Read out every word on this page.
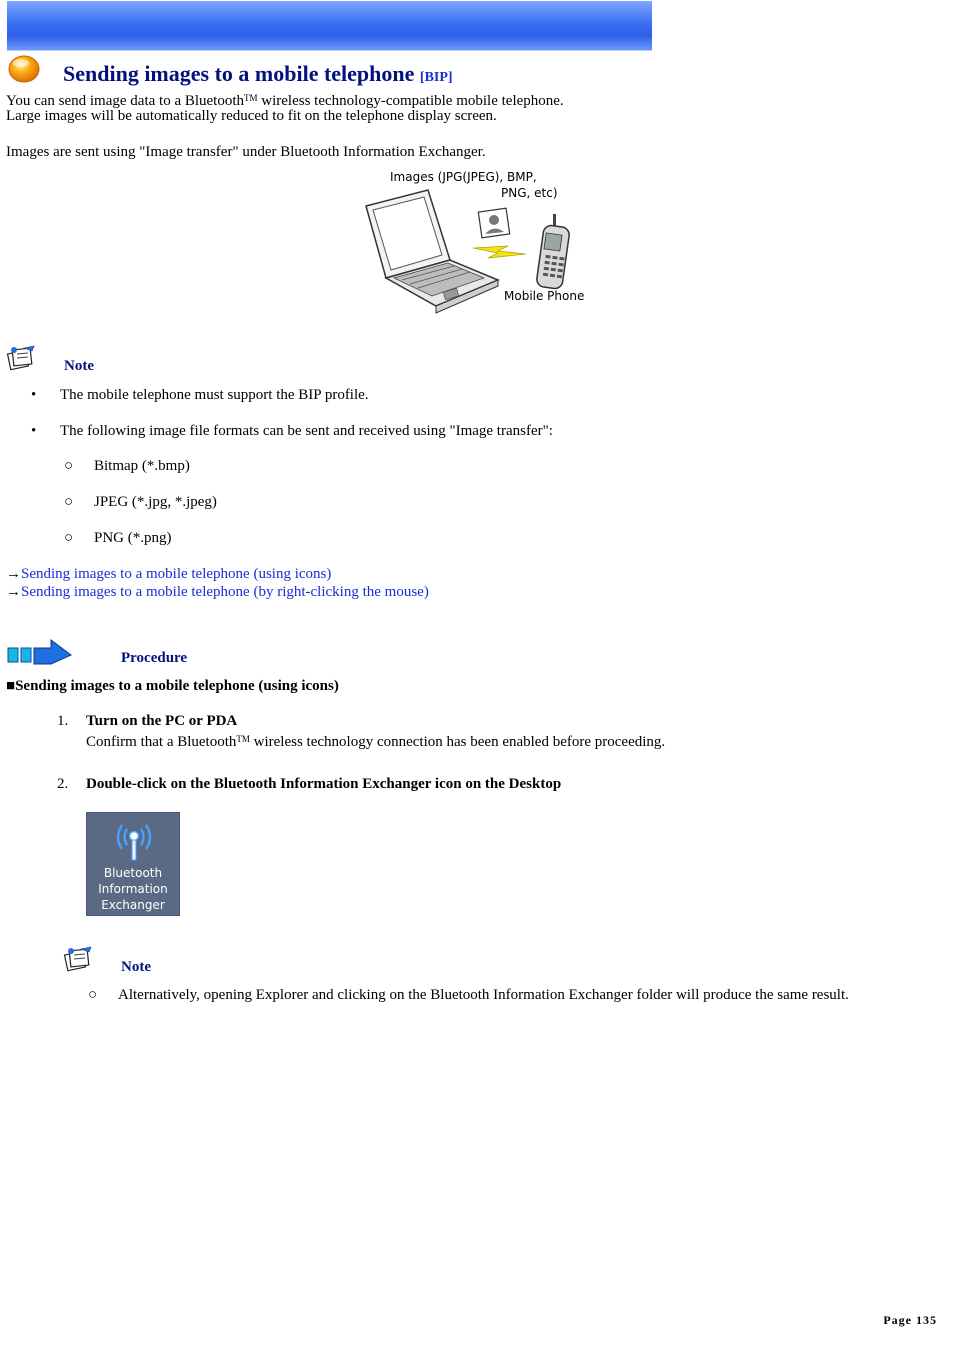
Sending images to a mobile telephone [BIP]
You can send image data to a Bluetooth™ wireless technology-compatible mobile telephone.
Large images will be automatically reduced to fit on the telephone display screen.
Images are sent using "Image transfer" under Bluetooth Information Exchanger.
Images (JPG(JPEG), BMP,
PNG, etc)
Mobile Phone
Note
• The mobile telephone must support the BIP profile.
• The following image file formats can be sent and received using "Image transfer":
○ Bitmap (*.bmp)
○ JPEG (*.jpg, *.jpeg)
○ PNG (*.png)
→Sending images to a mobile telephone (using icons)
→Sending images to a mobile telephone (by right-clicking the mouse)
Procedure
■Sending images to a mobile telephone (using icons)
1. Turn on the PC or PDA
Confirm that a Bluetooth™ wireless technology connection has been enabled before proceeding.
2. Double-click on the Bluetooth Information Exchanger icon on the Desktop
Bluetooth
Information
Exchanger
Note
○ Alternatively, opening Explorer and clicking on the Bluetooth Information Exchanger folder will produce the same result.
Page 135
